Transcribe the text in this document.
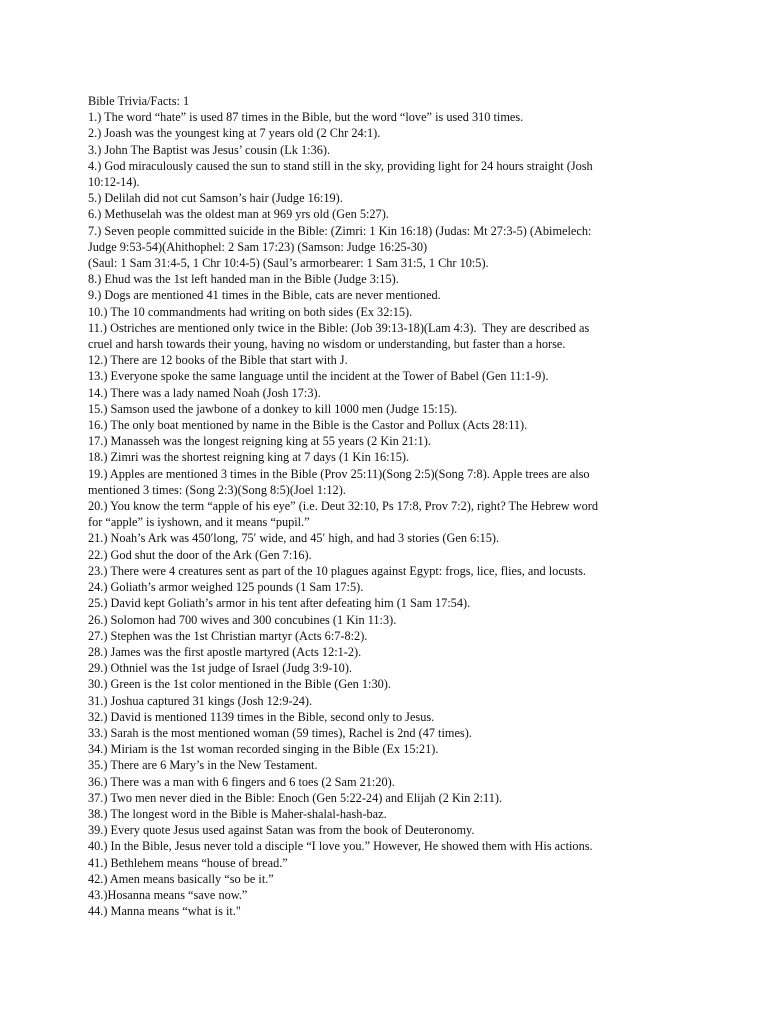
Bible Trivia/Facts: 1
1.) The word “hate” is used 87 times in the Bible, but the word “love” is used 310 times.
2.) Joash was the youngest king at 7 years old (2 Chr 24:1).
3.) John The Baptist was Jesus’ cousin (Lk 1:36).
4.) God miraculously caused the sun to stand still in the sky, providing light for 24 hours straight (Josh
10:12-14).
5.) Delilah did not cut Samson’s hair (Judge 16:19).
6.) Methuselah was the oldest man at 969 yrs old (Gen 5:27).
7.) Seven people committed suicide in the Bible: (Zimri: 1 Kin 16:18) (Judas: Mt 27:3-5) (Abimelech:
Judge 9:53-54)(Ahithophel: 2 Sam 17:23) (Samson: Judge 16:25-30)
(Saul: 1 Sam 31:4-5, 1 Chr 10:4-5) (Saul’s armorbearer: 1 Sam 31:5, 1 Chr 10:5).
8.) Ehud was the 1st left handed man in the Bible (Judge 3:15).
9.) Dogs are mentioned 41 times in the Bible, cats are never mentioned.
10.) The 10 commandments had writing on both sides (Ex 32:15).
11.) Ostriches are mentioned only twice in the Bible: (Job 39:13-18)(Lam 4:3).  They are described as
cruel and harsh towards their young, having no wisdom or understanding, but faster than a horse.
12.) There are 12 books of the Bible that start with J.
13.) Everyone spoke the same language until the incident at the Tower of Babel (Gen 11:1-9).
14.) There was a lady named Noah (Josh 17:3).
15.) Samson used the jawbone of a donkey to kill 1000 men (Judge 15:15).
16.) The only boat mentioned by name in the Bible is the Castor and Pollux (Acts 28:11).
17.) Manasseh was the longest reigning king at 55 years (2 Kin 21:1).
18.) Zimri was the shortest reigning king at 7 days (1 Kin 16:15).
19.) Apples are mentioned 3 times in the Bible (Prov 25:11)(Song 2:5)(Song 7:8). Apple trees are also
mentioned 3 times: (Song 2:3)(Song 8:5)(Joel 1:12).
20.) You know the term “apple of his eye” (i.e. Deut 32:10, Ps 17:8, Prov 7:2), right? The Hebrew word
for “apple” is iyshown, and it means “pupil.”
21.) Noah’s Ark was 450′long, 75′ wide, and 45′ high, and had 3 stories (Gen 6:15).
22.) God shut the door of the Ark (Gen 7:16).
23.) There were 4 creatures sent as part of the 10 plagues against Egypt: frogs, lice, flies, and locusts.
24.) Goliath’s armor weighed 125 pounds (1 Sam 17:5).
25.) David kept Goliath’s armor in his tent after defeating him (1 Sam 17:54).
26.) Solomon had 700 wives and 300 concubines (1 Kin 11:3).
27.) Stephen was the 1st Christian martyr (Acts 6:7-8:2).
28.) James was the first apostle martyred (Acts 12:1-2).
29.) Othniel was the 1st judge of Israel (Judg 3:9-10).
30.) Green is the 1st color mentioned in the Bible (Gen 1:30).
31.) Joshua captured 31 kings (Josh 12:9-24).
32.) David is mentioned 1139 times in the Bible, second only to Jesus.
33.) Sarah is the most mentioned woman (59 times), Rachel is 2nd (47 times).
34.) Miriam is the 1st woman recorded singing in the Bible (Ex 15:21).
35.) There are 6 Mary’s in the New Testament.
36.) There was a man with 6 fingers and 6 toes (2 Sam 21:20).
37.) Two men never died in the Bible: Enoch (Gen 5:22-24) and Elijah (2 Kin 2:11).
38.) The longest word in the Bible is Maher-shalal-hash-baz.
39.) Every quote Jesus used against Satan was from the book of Deuteronomy.
40.) In the Bible, Jesus never told a disciple “I love you.” However, He showed them with His actions.
41.) Bethlehem means “house of bread.”
42.) Amen means basically “so be it.”
43.)Hosanna means “save now.”
44.) Manna means “what is it."
